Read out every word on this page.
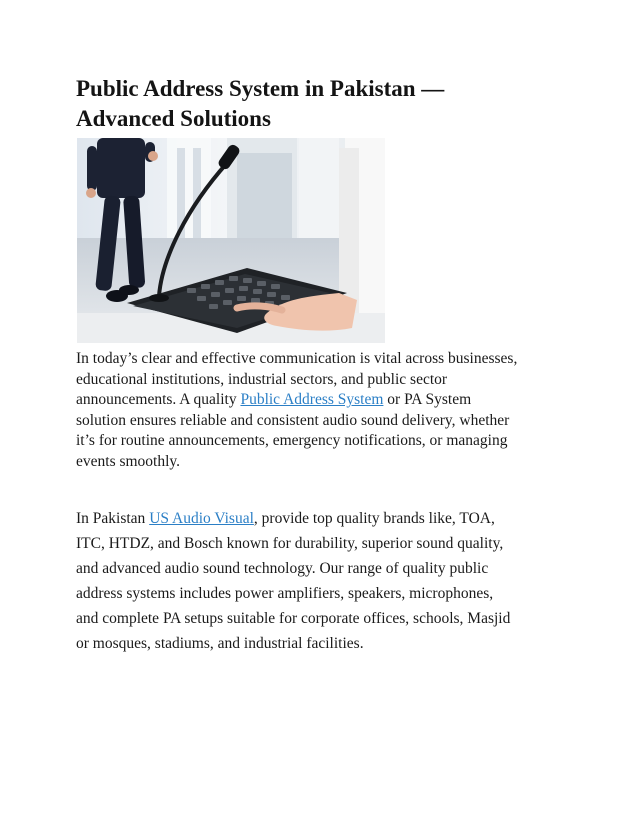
Public Address System in Pakistan —
Advanced Solutions

In today’s clear and effective communication is vital across businesses,
educational institutions, industrial sectors, and public sector
announcements. A quality Public Address System or PA System
solution ensures reliable and consistent audio sound delivery, whether
it’s for routine announcements, emergency notifications, or managing
events smoothly.

In Pakistan US Audio Visual, provide top quality brands like, TOA,
ITC, HTDZ, and Bosch known for durability, superior sound quality,
and advanced audio sound technology. Our range of quality public
address systems includes power amplifiers, speakers, microphones,
and complete PA setups suitable for corporate offices, schools, Masjid
or mosques, stadiums, and industrial facilities.
